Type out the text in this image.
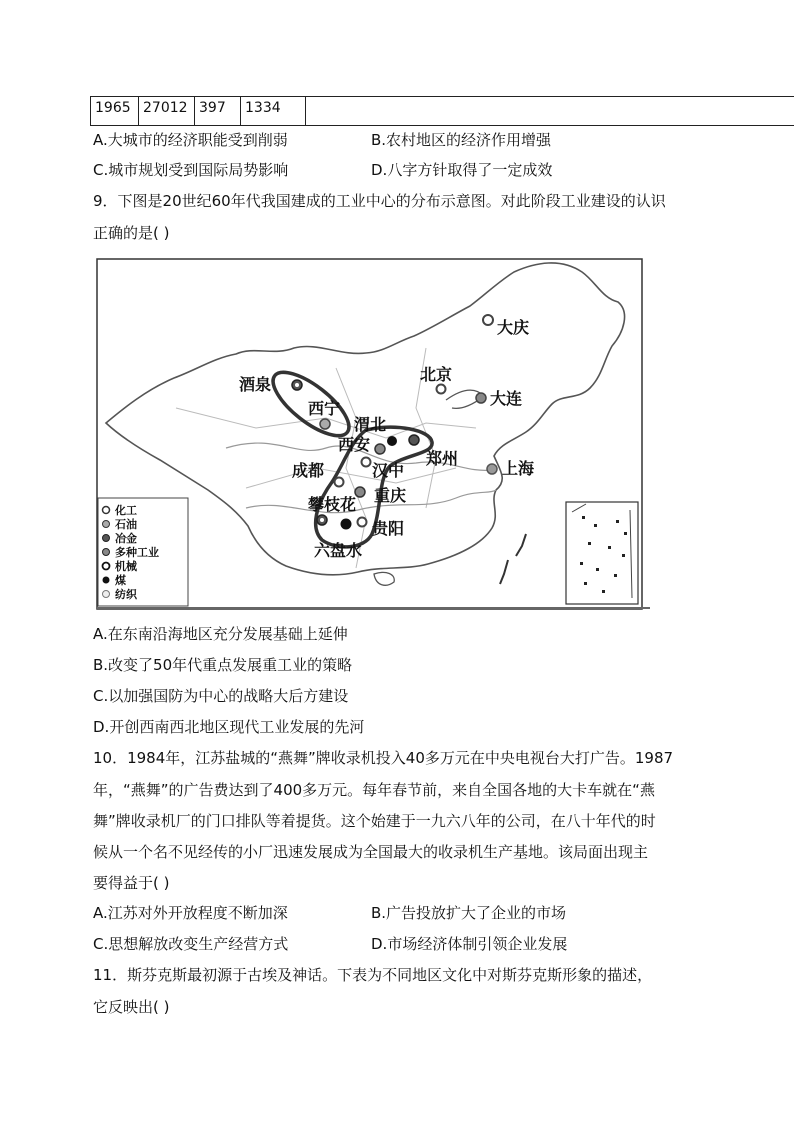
1965	27012	397	1334	
A.大城市的经济职能受到削弱	B.农村地区的经济作用增强
C.城市规划受到国际局势影响	D.八字方针取得了一定成效
9．下图是20世纪60年代我国建成的工业中心的分布示意图。对此阶段工业建设的认识
正确的是( )
大庆
北京
大连
酒泉
西宁
渭北
西安
郑州
成都	汉中	上海
攀枝花 重庆
贵阳
六盘水
化工
石油
冶金
多种工业
机械
煤
纺织
A.在东南沿海地区充分发展基础上延伸
B.改变了50年代重点发展重工业的策略
C.以加强国防为中心的战略大后方建设
D.开创西南西北地区现代工业发展的先河
10．1984年，江苏盐城的“燕舞”牌收录机投入40多万元在中央电视台大打广告。1987
年，“燕舞”的广告费达到了400多万元。每年春节前，来自全国各地的大卡车就在“燕
舞”牌收录机厂的门口排队等着提货。这个始建于一九六八年的公司，在八十年代的时
候从一个名不见经传的小厂迅速发展成为全国最大的收录机生产基地。该局面出现主
要得益于( )
A.江苏对外开放程度不断加深	B.广告投放扩大了企业的市场
C.思想解放改变生产经营方式	D.市场经济体制引领企业发展
11．斯芬克斯最初源于古埃及神话。下表为不同地区文化中对斯芬克斯形象的描述，
它反映出( )
